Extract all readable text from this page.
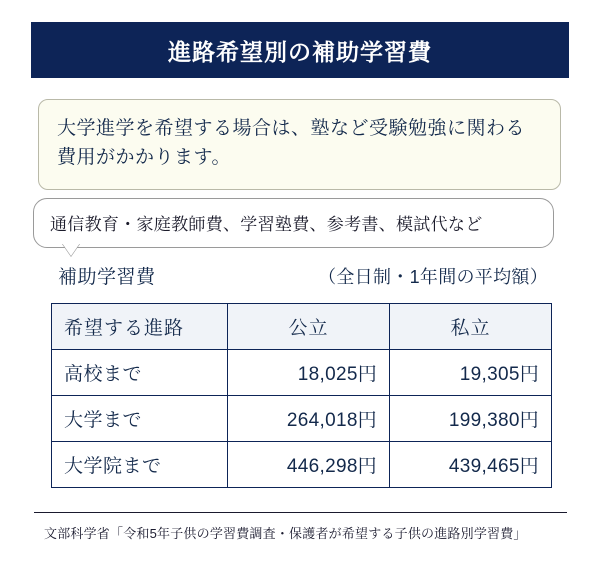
進路希望別の補助学習費
大学進学を希望する場合は、塾など受験勉強に関わる
費用がかかります。
通信教育・家庭教師費、学習塾費、参考書、模試代など
補助学習費	（全日制・1年間の平均額）
希望する進路	公立	私立
高校まで	18,025円	19,305円
大学まで	264,018円	199,380円
大学院まで	446,298円	439,465円
文部科学省「令和5年子供の学習費調査・保護者が希望する子供の進路別学習費」
